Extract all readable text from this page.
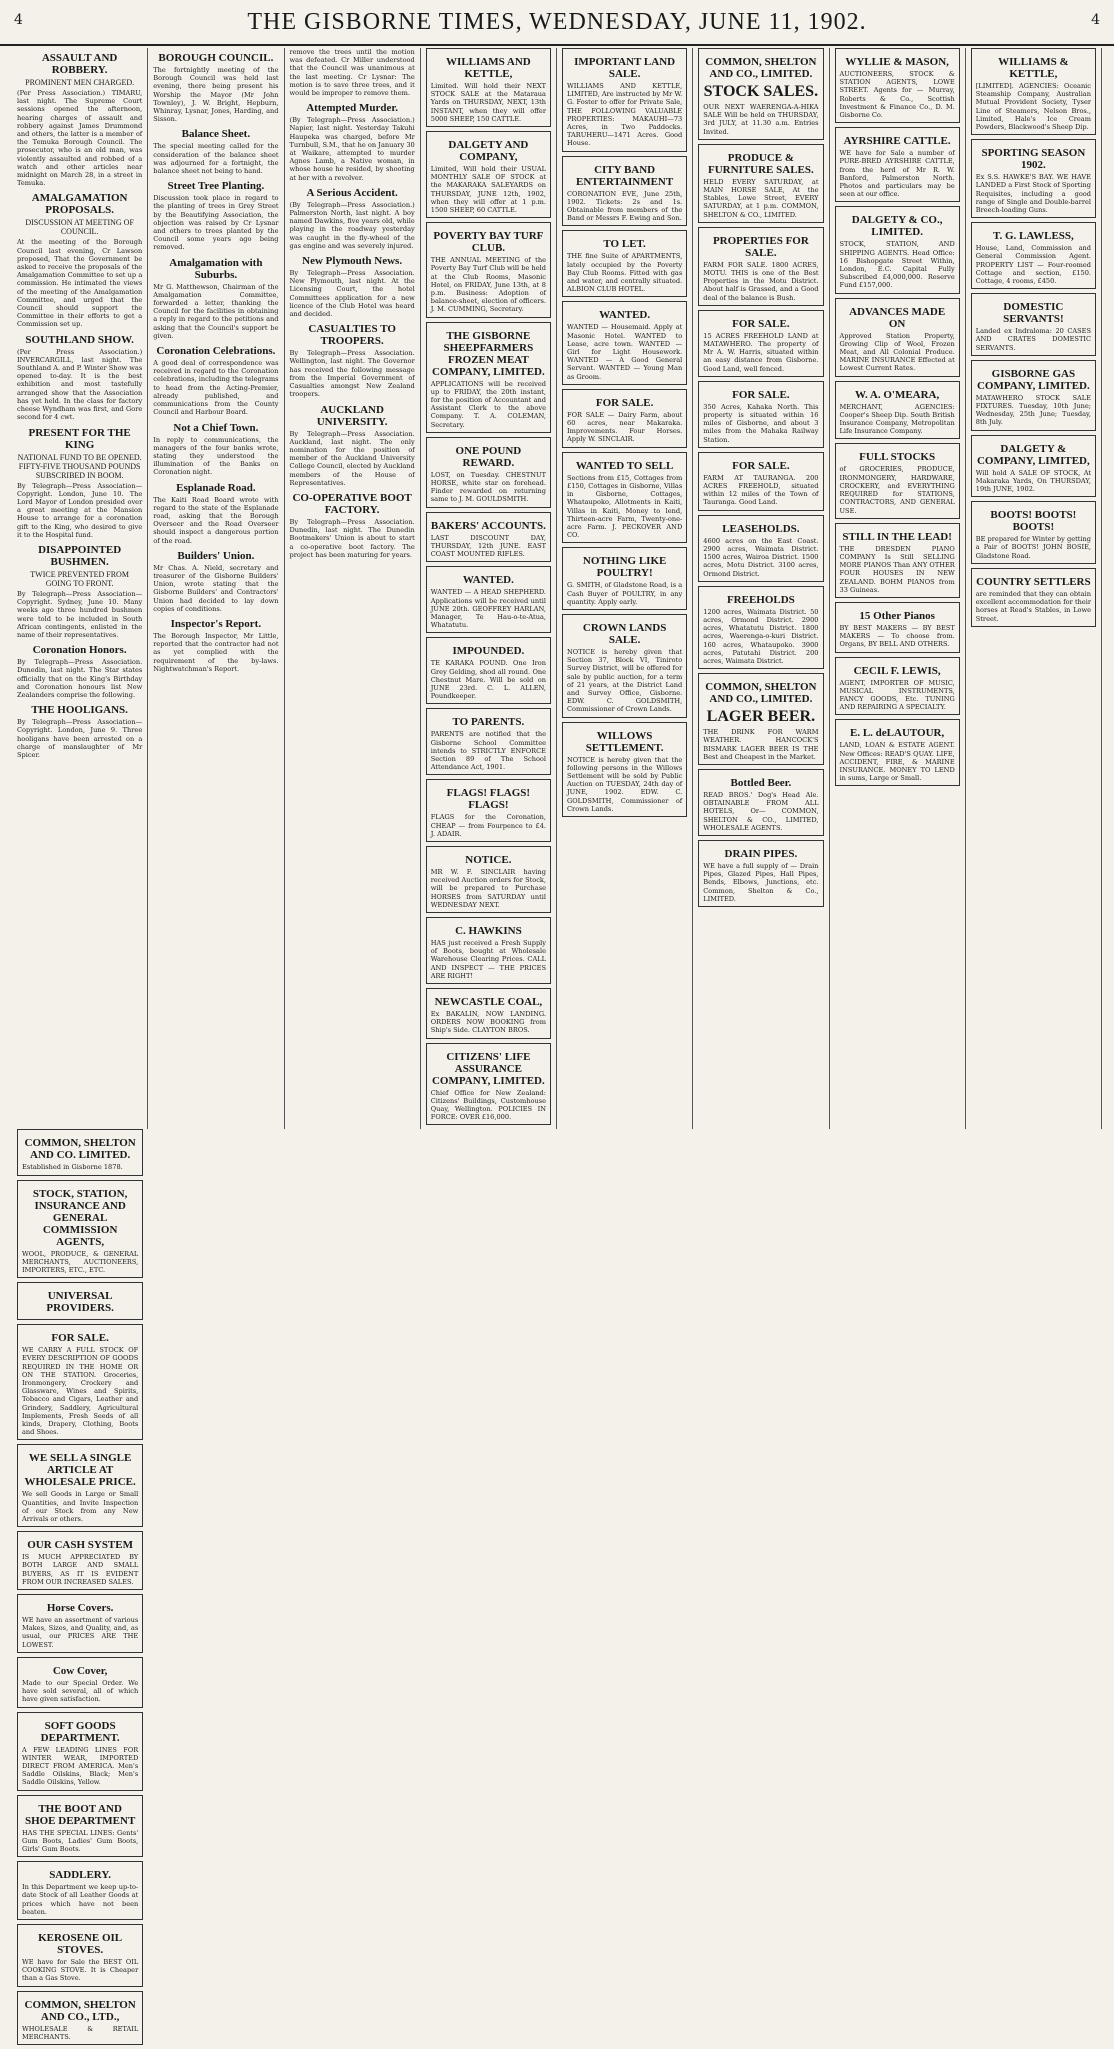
4	THE GISBORNE TIMES, WEDNESDAY, JUNE 11, 1902.	4
ASSAULT AND ROBBERY.
PROMINENT MEN CHARGED.
(Per Press Association.) TIMARU, last night. The Supreme Court sessions opened the afternoon, hearing charges of assault and robbery against James Drummond and others, the latter is a member of the Temuka Borough Council. The prosecutor, who is an old man, was violently assaulted and robbed of a watch and other articles near midnight on March 28, in a street in Temuka.
AMALGAMATION PROPOSALS.
DISCUSSION AT MEETING OF COUNCIL.
At the meeting of the Borough Council last evening, Cr Lawson proposed, That the Government be asked to receive the proposals of the Amalgamation Committee to set up a commission. He intimated the views of the meeting of the Amalgamation Committee, and urged that the Council should support the Committee in their efforts to get a Commission set up.
SOUTHLAND SHOW.
(Per Press Association.) INVERCARGILL, last night. The Southland A. and P. Winter Show was opened to-day. It is the best exhibition and most tastefully arranged show that the Association has yet held. In the class for factory cheese Wyndham was first, and Gore second for 4 cwt.
PRESENT FOR THE KING
NATIONAL FUND TO BE OPENED. FIFTY-FIVE THOUSAND POUNDS SUBSCRIBED IN BOOM.
By Telegraph—Press Association—Copyright. London, June 10. The Lord Mayor of London presided over a great meeting at the Mansion House to arrange for a coronation gift to the King, who desired to give it to the Hospital fund.
DISAPPOINTED BUSHMEN.
TWICE PREVENTED FROM GOING TO FRONT.
By Telegraph—Press Association—Copyright. Sydney, June 10. Many weeks ago three hundred bushmen were told to be included in South African contingents, enlisted in the name of their representatives.
Coronation Honors.
By Telegraph—Press Association. Dunedin, last night. The Star states officially that on the King's Birthday and Coronation honours list New Zealanders comprise the following.
THE HOOLIGANS.
By Telegraph—Press Association—Copyright. London, June 9. Three hooligans have been arrested on a charge of manslaughter of Mr Spicer.
BOROUGH COUNCIL.
The fortnightly meeting of the Borough Council was held last evening, there being present his Worship the Mayor (Mr John Townley), J. W. Bright, Hepburn, Whinray, Lysnar, Jones, Harding, and Sisson.
Balance Sheet.
The special meeting called for the consideration of the balance sheet was adjourned for a fortnight, the balance sheet not being to hand.
Street Tree Planting.
Discussion took place in regard to the planting of trees in Grey Street by the Beautifying Association, the objection was raised by Cr Lysnar and others to trees planted by the Council some years ago being removed.
Amalgamation with Suburbs.
Mr G. Matthewson, Chairman of the Amalgamation Committee, forwarded a letter, thanking the Council for the facilities in obtaining a reply in regard to the petitions and asking that the Council's support be given.
Coronation Celebrations.
A good deal of correspondence was received in regard to the Coronation celebrations, including the telegrams to head from the Acting-Premier, already published, and communications from the County Council and Harbour Board.
Not a Chief Town.
In reply to communications, the managers of the four banks wrote, stating they understood the illumination of the Banks on Coronation night.
Esplanade Road.
The Kaiti Road Board wrote with regard to the state of the Esplanade road, asking that the Borough Overseer and the Road Overseer should inspect a dangerous portion of the road.
Builders' Union.
Mr Chas. A. Nield, secretary and treasurer of the Gisborne Builders' Union, wrote stating that the Gisborne Builders' and Contractors' Union had decided to lay down copies of conditions.
Inspector's Report.
The Borough Inspector, Mr Little, reported that the contractor had not as yet complied with the requirement of the by-laws. Nightwatchman's Report.
remove the trees until the motion was defeated. Cr Miller understood that the Council was unanimous at the last meeting. Cr Lysnar: The motion is to save three trees, and it would be improper to remove them.
Attempted Murder.
(By Telegraph—Press Association.) Napier, last night. Yesterday Takuhi Haupeka was charged, before Mr Turnbull, S.M., that he on January 30 at Waikare, attempted to murder Agnes Lamb, a Native woman, in whose house he resided, by shooting at her with a revolver.
A Serious Accident.
(By Telegraph—Press Association.) Palmerston North, last night. A boy named Dawkins, five years old, while playing in the roadway yesterday was caught in the fly-wheel of the gas engine and was severely injured.
New Plymouth News.
By Telegraph—Press Association. New Plymouth, last night. At the Licensing Court, the hotel Committees application for a new licence of the Club Hotel was heard and decided.
CASUALTIES TO TROOPERS.
By Telegraph—Press Association. Wellington, last night. The Governor has received the following message from the Imperial Government of Casualties amongst New Zealand troopers.
AUCKLAND UNIVERSITY.
By Telegraph—Press Association. Auckland, last night. The only nomination for the position of member of the Auckland University College Council, elected by Auckland members of the House of Representatives.
CO-OPERATIVE BOOT FACTORY.
By Telegraph—Press Association. Dunedin, last night. The Dunedin Bootmakers' Union is about to start a co-operative boot factory. The project has been maturing for years.
WILLIAMS AND KETTLE,
Limited. Will hold their NEXT STOCK SALE at the Mataraua Yards on THURSDAY, NEXT, 13th INSTANT, when they will offer 5000 SHEEP, 150 CATTLE.
DALGETY AND COMPANY,
Limited, Will hold their USUAL MONTHLY SALE OF STOCK at the MAKARAKA SALEYARDS on THURSDAY, JUNE 12th, 1902, when they will offer at 1 p.m. 1500 SHEEP, 60 CATTLE.
POVERTY BAY TURF CLUB.
THE ANNUAL MEETING of the Poverty Bay Turf Club will be held at the Club Rooms, Masonic Hotel, on FRIDAY, June 13th, at 8 p.m. Business: Adoption of balance-sheet, election of officers. J. M. CUMMING, Secretary.
THE GISBORNE SHEEPFARMERS FROZEN MEAT COMPANY, LIMITED.
APPLICATIONS will be received up to FRIDAY, the 20th instant, for the position of Accountant and Assistant Clerk to the above Company. T. A. COLEMAN, Secretary.
ONE POUND REWARD.
LOST, on Tuesday. CHESTNUT HORSE, white star on forehead. Finder rewarded on returning same to J. M. GOULDSMITH.
BAKERS' ACCOUNTS.
LAST DISCOUNT DAY, THURSDAY, 12th JUNE. EAST COAST MOUNTED RIFLES.
WANTED.
WANTED — A HEAD SHEPHERD. Applications will be received until JUNE 20th. GEOFFREY HARLAN, Manager, Te Hau-o-te-Atua, Whatatutu.
IMPOUNDED.
TE KARAKA POUND. One Iron Grey Gelding, shod all round. One Chestnut Mare. Will be sold on JUNE 23rd. C. L. ALLEN, Poundkeeper.
TO PARENTS.
PARENTS are notified that the Gisborne School Committee intends to STRICTLY ENFORCE Section 89 of The School Attendance Act, 1901.
FLAGS! FLAGS! FLAGS!
FLAGS for the Coronation, CHEAP — from Fourpence to £4. J. ADAIR.
NOTICE.
MR W. F. SINCLAIR having received Auction orders for Stock, will be prepared to Purchase HORSES from SATURDAY until WEDNESDAY NEXT.
C. HAWKINS
HAS just received a Fresh Supply of Boots, bought at Wholesale Warehouse Clearing Prices. CALL AND INSPECT — THE PRICES ARE RIGHT!
NEWCASTLE COAL,
Ex BAKALIN, NOW LANDING. ORDERS NOW BOOKING from Ship's Side. CLAYTON BROS.
CITIZENS' LIFE ASSURANCE COMPANY, LIMITED.
Chief Office for New Zealand: Citizens' Buildings, Customhouse Quay, Wellington. POLICIES IN FORCE: OVER £16,000.
IMPORTANT LAND SALE.
WILLIAMS AND KETTLE, LIMITED, Are instructed by Mr W. G. Foster to offer for Private Sale, THE FOLLOWING VALUABLE PROPERTIES: MAKAUHI—73 Acres, in Two Paddocks. TARUHERU—1471 Acres. Good House.
CITY BAND ENTERTAINMENT
CORONATION EVE, June 25th, 1902. Tickets: 2s and 1s. Obtainable from members of the Band or Messrs F. Ewing and Son.
TO LET.
THE fine Suite of APARTMENTS, lately occupied by the Poverty Bay Club Rooms. Fitted with gas and water, and centrally situated. ALBION CLUB HOTEL.
WANTED.
WANTED — Housemaid. Apply at Masonic Hotel. WANTED to Lease, acre town. WANTED — Girl for Light Housework. WANTED — A Good General Servant. WANTED — Young Man as Groom.
FOR SALE.
FOR SALE — Dairy Farm, about 60 acres, near Makaraka. Improvements. Four Horses. Apply W. SINCLAIR.
WANTED TO SELL
Sections from £15, Cottages from £150, Cottages in Gisborne, Villas in Gisborne, Cottages, Whataupoko, Allotments in Kaiti, Villas in Kaiti, Money to lend, Thirteen-acre Farm, Twenty-one-acre Farm. J. PECKOVER AND CO.
NOTHING LIKE POULTRY!
G. SMITH, of Gladstone Road, is a Cash Buyer of POULTRY, in any quantity. Apply early.
CROWN LANDS SALE.
NOTICE is hereby given that Section 37, Block VI, Tiniroto Survey District, will be offered for sale by public auction, for a term of 21 years, at the District Land and Survey Office, Gisborne. EDW. C. GOLDSMITH, Commissioner of Crown Lands.
WILLOWS SETTLEMENT.
NOTICE is hereby given that the following persons in the Willows Settlement will be sold by Public Auction on TUESDAY, 24th day of JUNE, 1902. EDW. C. GOLDSMITH, Commissioner of Crown Lands.
COMMON, SHELTON AND CO., LIMITED.
STOCK SALES.
OUR NEXT WAERENGA-A-HIKA SALE Will be held on THURSDAY, 3rd JULY, at 11.30 a.m. Entries Invited.
PRODUCE & FURNITURE SALES.
HELD EVERY SATURDAY, at MAIN HORSE SALE, At the Stables, Lowe Street, EVERY SATURDAY, at 1 p.m. COMMON, SHELTON & CO., LIMITED.
PROPERTIES FOR SALE.
FARM FOR SALE. 1800 ACRES, MOTU. THIS is one of the Best Properties in the Motu District. About half is Grassed, and a Good deal of the balance is Bush.
FOR SALE.
15 ACRES FREEHOLD LAND at MATAWHERO. The property of Mr A. W. Harris, situated within an easy distance from Gisborne. Good Land, well fenced.
FOR SALE.
350 Acres, Kahaka North. This property is situated within 16 miles of Gisborne, and about 3 miles from the Mahaka Railway Station.
FOR SALE.
FARM AT TAURANGA. 200 ACRES FREEHOLD, situated within 12 miles of the Town of Tauranga. Good Land.
LEASEHOLDS.
4600 acres on the East Coast. 2900 acres, Waimata District. 1500 acres, Wairoa District. 1500 acres, Motu District. 3100 acres, Ormond District.
FREEHOLDS
1200 acres, Waimata District. 50 acres, Ormond District. 2900 acres, Whatatutu District. 1800 acres, Waerenga-o-kuri District. 160 acres, Whataupoko. 3900 acres, Patutahi District. 200 acres, Waimata District.
COMMON, SHELTON AND CO., LIMITED.
LAGER BEER.
THE DRINK FOR WARM WEATHER. HANCOCK'S BISMARK LAGER BEER IS THE Best and Cheapest in the Market.
Bottled Beer.
READ BROS.' Dog's Head Ale. OBTAINABLE FROM ALL HOTELS, Or— COMMON, SHELTON & CO., LIMITED, WHOLESALE AGENTS.
DRAIN PIPES.
WE have a full supply of — Drain Pipes, Glazed Pipes, Hall Pipes, Bends, Elbows, Junctions, etc. Common, Shelton & Co., LIMITED.
WYLLIE & MASON,
AUCTIONEERS, STOCK & STATION AGENTS, LOWE STREET. Agents for — Murray, Roberts & Co., Scottish Investment & Finance Co., D. M. Gisborne Co.
AYRSHIRE CATTLE.
WE have for Sale a number of PURE-BRED AYRSHIRE CATTLE, from the herd of Mr R. W. Banford, Palmerston North. Photos and particulars may be seen at our office.
DALGETY & CO., LIMITED.
STOCK, STATION, AND SHIPPING AGENTS. Head Office: 16 Bishopgate Street Within, London, E.C. Capital Fully Subscribed £4,000,000. Reserve Fund £157,000.
ADVANCES MADE ON
Approved Station Property, Growing Clip of Wool, Frozen Meat, and All Colonial Produce. MARINE INSURANCE Effected at Lowest Current Rates.
W. A. O'MEARA,
MERCHANT, AGENCIES: Cooper's Sheep Dip. South British Insurance Company, Metropolitan Life Insurance Company.
FULL STOCKS
of GROCERIES, PRODUCE, IRONMONGERY, HARDWARE, CROCKERY, and EVERYTHING REQUIRED for STATIONS, CONTRACTORS, AND GENERAL USE.
STILL IN THE LEAD!
THE DRESDEN PIANO COMPANY Is Still SELLING MORE PIANOS Than ANY OTHER FOUR HOUSES IN NEW ZEALAND. BOHM PIANOS from 33 Guineas.
15 Other Pianos
BY BEST MAKERS — BY BEST MAKERS — To choose from. Organs, BY BELL AND OTHERS.
CECIL F. LEWIS,
AGENT, IMPORTER OF MUSIC, MUSICAL INSTRUMENTS, FANCY GOODS, Etc. TUNING AND REPAIRING A SPECIALTY.
E. L. deLAUTOUR,
LAND, LOAN & ESTATE AGENT. New Offices: READ'S QUAY. LIFE, ACCIDENT, FIRE, & MARINE INSURANCE. MONEY TO LEND in sums, Large or Small.
WILLIAMS & KETTLE,
[LIMITED]. AGENCIES: Oceanic Steamship Company, Australian Mutual Provident Society, Tyser Line of Steamers, Nelson Bros., Limited, Hale's Ice Cream Powders, Blackwood's Sheep Dip.
SPORTING SEASON 1902.
Ex S.S. HAWKE'S BAY. WE HAVE LANDED a First Stock of Sporting Requisites, including a good range of Single and Double-barrel Breech-loading Guns.
T. G. LAWLESS,
House, Land, Commission and General Commission Agent. PROPERTY LIST — Four-roomed Cottage and section, £150. Cottage, 4 rooms, £450.
DOMESTIC SERVANTS!
Landed ex Indraloma: 20 CASES AND CRATES DOMESTIC SERVANTS.
GISBORNE GAS COMPANY, LIMITED.
MATAWHERO STOCK SALE FIXTURES. Tuesday, 10th June; Wednesday, 25th June; Tuesday, 8th July.
DALGETY & COMPANY, LIMITED,
Will hold A SALE OF STOCK, At Makaraka Yards, On THURSDAY, 19th JUNE, 1902.
BOOTS! BOOTS! BOOTS!
BE prepared for Winter by getting a Pair of BOOTS! JOHN BOSIE, Gladstone Road.
COUNTRY SETTLERS
are reminded that they can obtain excellent accommodation for their horses at Read's Stables, in Lowe Street.
COMMON, SHELTON AND CO. LIMITED.
Established in Gisborne 1878.
STOCK, STATION, INSURANCE AND GENERAL COMMISSION AGENTS,
WOOL, PRODUCE, & GENERAL MERCHANTS, AUCTIONEERS, IMPORTERS, ETC., ETC.
UNIVERSAL PROVIDERS.
FOR SALE.
WE CARRY A FULL STOCK OF EVERY DESCRIPTION OF GOODS REQUIRED IN THE HOME OR ON THE STATION. Groceries, Ironmongery, Crockery and Glassware, Wines and Spirits, Tobacco and Cigars, Leather and Grindery, Saddlery, Agricultural Implements, Fresh Seeds of all kinds, Drapery, Clothing, Boots and Shoes.
WE SELL A SINGLE ARTICLE AT WHOLESALE PRICE.
We sell Goods in Large or Small Quantities, and Invite Inspection of our Stock from any New Arrivals or others.
OUR CASH SYSTEM
IS MUCH APPRECIATED BY BOTH LARGE AND SMALL BUYERS, AS IT IS EVIDENT FROM OUR INCREASED SALES.
Horse Covers.
WE have an assortment of various Makes, Sizes, and Quality, and, as usual, our PRICES ARE THE LOWEST.
Cow Cover,
Made to our Special Order. We have sold several, all of which have given satisfaction.
SOFT GOODS DEPARTMENT.
A FEW LEADING LINES FOR WINTER WEAR, IMPORTED DIRECT FROM AMERICA. Men's Saddle Oilskins, Black; Men's Saddle Oilskins, Yellow.
THE BOOT AND SHOE DEPARTMENT
HAS THE SPECIAL LINES: Gents' Gum Boots, Ladies' Gum Boots, Girls' Gum Boots.
SADDLERY.
In this Department we keep up-to-date Stock of all Leather Goods at prices which have not been beaten.
KEROSENE OIL STOVES.
WE have for Sale the BEST OIL COOKING STOVE. It is Cheaper than a Gas Stove.
COMMON, SHELTON AND CO., LTD.,
WHOLESALE & RETAIL MERCHANTS.
